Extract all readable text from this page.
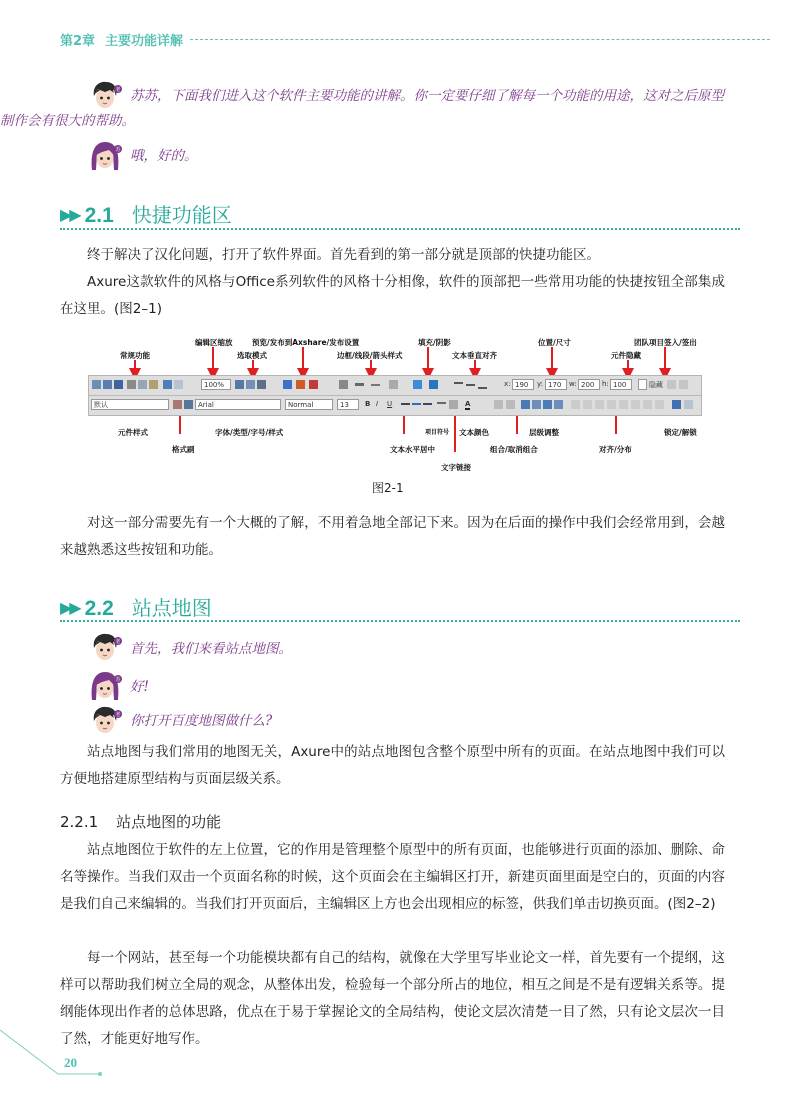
第2章 主要功能详解
老 苏苏，下面我们进入这个软件主要功能的讲解。你一定要仔细了解每一个功能的用途，这对之后原型制作会有很大的帮助。

苏 哦，好的。

▶▶ 2.1 快捷功能区

终于解决了汉化问题，打开了软件界面。首先看到的第一部分就是顶部的快捷功能区。

Axure这款软件的风格与Office系列软件的风格十分相像，软件的顶部把一些常用功能的快捷按钮全部集成在这里。(图2–1)

常规功能
编辑区缩放
选取模式
预览/发布到Axshare/发布设置
边框/线段/箭头样式
填充/阴影
文本垂直对齐
位置/尺寸
元件隐藏
团队项目签入/签出
100%	x: 190	y: 170	w: 200	h: 100	隐藏
默认	Arial	Normal	13	B I U	A
元件样式
格式刷
字体/类型/字号/样式
文本水平居中
项目符号 文本颜色
文字链接
组合/取消组合
层级调整
对齐/分布
锁定/解锁
图2-1

对这一部分需要先有一个大概的了解，不用着急地全部记下来。因为在后面的操作中我们会经常用到，会越来越熟悉这些按钮和功能。

▶▶ 2.2 站点地图
老 首先，我们来看站点地图。

苏 好!

老 你打开百度地图做什么?

站点地图与我们常用的地图无关，Axure中的站点地图包含整个原型中所有的页面。在站点地图中我们可以方便地搭建原型结构与页面层级关系。

2.2.1 站点地图的功能

站点地图位于软件的左上位置，它的作用是管理整个原型中的所有页面，也能够进行页面的添加、删除、命名等操作。当我们双击一个页面名称的时候，这个页面会在主编辑区打开，新建页面里面是空白的，页面的内容是我们自己来编辑的。当我们打开页面后，主编辑区上方也会出现相应的标签，供我们单击切换页面。(图2–2)

每一个网站，甚至每一个功能模块都有自己的结构，就像在大学里写毕业论文一样，首先要有一个提纲，这样可以帮助我们树立全局的观念，从整体出发，检验每一个部分所占的地位，相互之间是不是有逻辑关系等。提纲能体现出作者的总体思路，优点在于易于掌握论文的全局结构，使论文层次清楚一目了然，只有论文层次一目了然，才能更好地写作。

20
